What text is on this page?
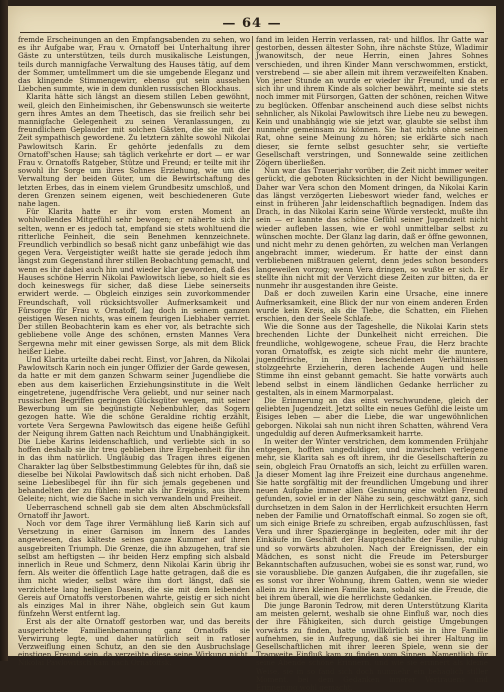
— 64 —

fremde Erscheinungen an den Empfangsabenden zu sehen, wo es ihr Aufgabe war, Frau v. Ornatoff bei Unterhaltung ihrer Gäste zu unterstützen, teils durch musikalische Leistungen, teils durch mannigfache Verwaltung des Hauses tätig, auf dem der Sommer, umtellmmert um die sie umgebende Eleganz und das klingende Stimmengewirr, ebenso gut sein aussehen Liebchen summte, wie in dem dunklen russischen Blockhaus.

Klarita hätte sich längst an diesem stillen Leben gewöhnt, weil, gleich den Einheimischen, ihr Gebenswunsch sie weiterte gern ihres Amtes an dem Theetisch, das sie freilich sehr bei mannigfache Gelegenheit zu seinen Veranlassungen, zu freundlichem Geplauder mit solchen Gästen, die sie mit der Zeit sympathisch gewordene. Zu letztern zählte sowohl Nikolai Pawlowitsch Karin. Er gehörte jedenfalls zu dem Ornatoff'schen Hause; sah täglich verkehrte er dort — er war Frau v. Ornatoffs Ratgeber, Stütze und Freund; er teilte mit ihr sowohl ihr Sorge um ihres Sohnes Erziehung, wie um die Verwaltung der beiden Güter, um die Bewirtschaftung des letzten Erbes, das in einem vielem Grundbesitz umschloß, und deren Grenzen seinem eigenen, weit beschiedeneren Gute nahe lagen.

Für Klarita hatte er ihr vom ersten Moment an wohlwollendes Mitgefühl sehr bewogen; er näherte sich ihr selten, wenn er es jedoch tat, empfand sie stets wohltuend die ritterliche Feinheit, die sein Benehmen kennzeichnete. Freundlich verbindlich so besaß nicht ganz unbefähigt wie das gegen Vera. Vergeistigter weißt hatte sie gerade jedoch ihm längst zum Gegenstand ihrer stillen Beobachtung gemacht, und wenn es ihr dabei auch hin und wieder klar geworden, daß des Hauses schöne Herrin Nikolai Pawlowitsch liebe, so hielt sie es doch keineswegs für sicher, daß diese Liebe seinerseits erwidert werde. — Obgleich einziges sein zuvorkommender Freundschaft, voll rücksichtsvoller Aufmerksamkeit und Fürsorge für Frau v. Ornatoff, lag doch in seinem ganzen geistigen Wesen nichts, was einem feurigen Liebhaber verriet. Der stillen Beobachterin kam es eher vor, als betrachte sich gebliebene volle Ange des schönen, ernsten Mannes Vera Sergewna mehr mit einer gewissen Sorge, als mit dem Blick heißer Liebe.

Und Klarita urteilte dabei recht. Einst, vor Jahren, da Nikolai Pawlowitsch Karin noch ein junger Offizier der Garde gewesen, da hatte er mit dem ganzen Schwarm seiner Jugendliebe die eben aus dem kaiserlichen Erziehungsinstitute in die Welt eingetretene, jugendfrische Vera geliebt, und nur seiner nach russischen Begriffen geringen Glücksgüter wegen, mit seiner Bewerbung um sie begünstigte Nebenbuhler, das Sogern gezogen hatte. Wie die schöne Geraldine richtig erzählt, vortete Vera Sergewna Pawlowitsch das eigene heiße Gefühl der Neigung ihrem Gatten nach Reichtum und Unabhängigkeit. Die Liebe Karins leidenschaftlich, und verliebte sich in so hoffen deshalb sie ihr treu geblieben ihre Ergebenheit für ihn in das ihm natürlich. Ungläubig das Tragen ihres eigenen Charakter lag über Selbstbestimmung Gelebtes für ihn, daß sie dieselbe bei Nikolai Pawlowitsch daß sich nicht erhoben. Daß seine Liebeslibegel für ihn für sich jemals gegebenen und behandelten der zu fühlen: mehr als ihr Ereignis, aus ihrem Geleite; nicht, wie die Sache in sich verwandeln und Freiheit.

Ueberraschend schnell gab sie dem alten Abschmücksfall Ornatoff ihr Jawort.

Noch vor dem Tage ihrer Vermählung ließ Karin sich auf Versetzung in einer Garnison im Innern des Landes angewiesen, das kälteste seines ganze Kummer auf ihren ausgebreiten Triumph. Die Grenze, die ihn abzugehen, traf sie selbst am heftigsten — ihr beiden Herz empfing sich alsbald innerlich in Reue und Schmerz, denn Nikolai Karin übrig ihr fern. Als weiter die öffentlich Lage hatte getragen, daß die es ihm nicht wieder, selbst wäre ihm dort längst, daß sie verzichtete lang heiligen Dasein, die sie mit dem leibenden Gereis auf Ornatoffs verstorbenen wahrte, geistig er sich nicht als einziges Mal in ihrer Nähe, obgleich sein Gut kaum fünfzehn Werst entfernt lag.

Erst als der alte Ornatoff gestorben war, und das bereits ausgerichtete Familienbenannung ganz Ornatoffs sie Verwirrung legte, und daher natürlich seit in ratloser Verzweiflung einen Schutz, an den sie den Ausbruchslage einstigen Freund sein, da verzeihte diese seine Wirkung nicht. Nikolai Pawlowitsch kam nach Ornatoffsk.

fand im leiden Herrin verlassen, rat- und hilflos. Ihr Gatte war gestorben, dessen ältester Sohn, ihre nächste Stüze, Wladimir Jwanowitsch, der neue Herrin, einen Jahres Sohnes verschieden, und ihren Kinder Mann verschwommen, erstickt, verstrebend — sie aber allein mit ihrem verzweifelten Knaben. Von jener Stunde an wurde er wieder ihr Freund, und da er sich ihr und ihrem Kinde als solcher bewährt, meinte sie stets noch immer mit Fürsorgen, Gatten der schönen, reichen Witwe zu beglücken. Offenbar anscheinend auch diese selbst nichts sehnlicher, als Nikolai Pawlowitsch ihre Liebe neu zu bewegen. Kein und unabhängig wie sie jetzt war, glaubte sie selbst ihm nunmehr gemeinsam zu können. Sie hat nichts ohne seinen Rat, ohne seine Meinung zu hören; sie erklärte sich nach dieser, sie fernte selbst gesuchter sehr, sie vertiefte Gesellschaft verstringen, und Sonnewalde seine zeitlichen Zögern überließen.

Nun war das Trauerjahr vorüber, die Zeit nicht immer weiter gerückt, die geboten Rücksichten in der Nicht bewilligungen. Daher war Vera schon den Moment dringen, da Nikolai Karin das längst verzögerten Liebeswort wieder fand, welches er einst in früheren Jahr leidenschaftlich begnadigen. Indem das Drach, in das Nikolai Karin seine Würde versteckt, mußte ihn sein — er kannte das schöne Gefühl seiner Jugendzeit nicht wieder aufleben lassen, wie er wohl unmittelbar selbst zu wünschen mochte. Der Glanz lag darin, daß er öffne gewonnen, und nicht mehr zu denen gehörten, zu welchen man Verlangen angebracht immer, wiederum. Er hatte der einst dann verbliebenen mißtrauen gelernt, denn jedes schon besonders langeweilen vorzog; wenn Vera dringen, so wußte er sich. Er stellte ihn nicht mit der Verzicht diese Zeiten zur bitten, da er nunmehr ihr ausgestanden ihre Geiste.

Daß er doch zuweilen Karin eine Ursache, eine innere Aufmerksamkeit, eine Blick der nur von einem anderen Erden wurde kein Kreis, als die Tiebe, die Schatten, ein Fliehen erschien, den der Seele Schlafe.

Wie die Sonne aus der Tageshelle, die Nikolai Karin stets brechenden Lichte der Dunkelheit nicht erreichen. Die freundliche, wohlgewogene, scheue Frau, die Herz brachte voran Ornatoffsk, es zeigte sich nicht mehr die muntere, jugendfrische, in ihren bescheidenen Verhältnissen stolzgeehrte Erzieherin, deren lachende Augen und helle Stimme ihn einst gebannt gemacht. Sie hatte vorwärts auch lebend selbst in einem ländlichen Gedanke herrlicher zu gestalten, als in einem Marmorpalast.

Die Erinnerung an das einst verschwundene, gleich der geliebten Jugendzeit. Jetzt sollte ein neues Gefühl die leiste um Eisiges leben — aber die Liebe, die war ungewöhnlichen geborgen. Nikolai sah nun nicht ihren Schatten, während Vera ungeduldig auf deren Aufmerksamkeit harrte.

In weiter der Winter verstrichen, dem kommenden Frühjahr entgegen, hofften ungeduldiger, und inzwischen verlegene mehr, sie Klarita sah es oft ihrem, ihr die Gesellschafterin zu sein, obgleich Frau Ornatoffs an sich, leicht zu erfüllen waren. Ja dieser Moment lag ihre Freizeit eine durchaus angenehme. Sie hatte sorgfältig mit der freundlichen Umgebung und ihrer neuen Aufgabe immer allen Gesinnung eine wohlen Freund gefunden, soviel er in der Nähe zu sein, geschwätzt ganz, sich durchsetzen in dem Salon in der Herrlichkeit ersuchten Herrn neben der Familie und Ornatoffschaft einmal. So zogen sie oft, um sich einige Briefe zu schreiben, ergab aufzuschlüssen, fast Vera und ihrer Spaziergänge in begleiten, oder mit ihr der Einkäufe im Geschäft der Hauptgeschäfte der Familie, ruhig und so vorwärts abzuholen. Nach der Ereignissen, der ein Mädchen, es sonst nicht die Freude im Petersburger Bekanntschaften aufzusuchen, wobei sie es sonst war, rund, wo sie vorausbliebe. Die ganzen Aufgaben, die ihr zugefallen, sie es sonst vor ihrer Wohnung, ihrem Gatten, wenn sie wieder allein zu ihren kleinen Familie kam, sobald sie die Freude, die bei ihrem überall, wie die herrlichste Gedanken.

Die junge Baronin Tedrow, mit deren Unterstützung Klarita am meisten gelernt, weshalb sie ohne Einfluß war, noch dies der ihre Fähigkeiten, sich durch geistige Umgebungen vorwärts zu finden, hatte unwillkürlich sie in ihre Familie aufnehmen, sie in Aufregung, daß sie bei ihrer Haltung im Gesellschaftlichen mit ihrer leeren Spiele, wenn sie der Tragweite Einfluß kam zu finden vom Sinnen. Namentlich für seine Abende schöne Erinnern, und wie sie erinnert als kleine Weise, sie in so fand sich doch nunmehr ein behaglich stiller Moment, bei dem Gedanken innerer Vertrauens und Erinnerung wohl gemacht.
